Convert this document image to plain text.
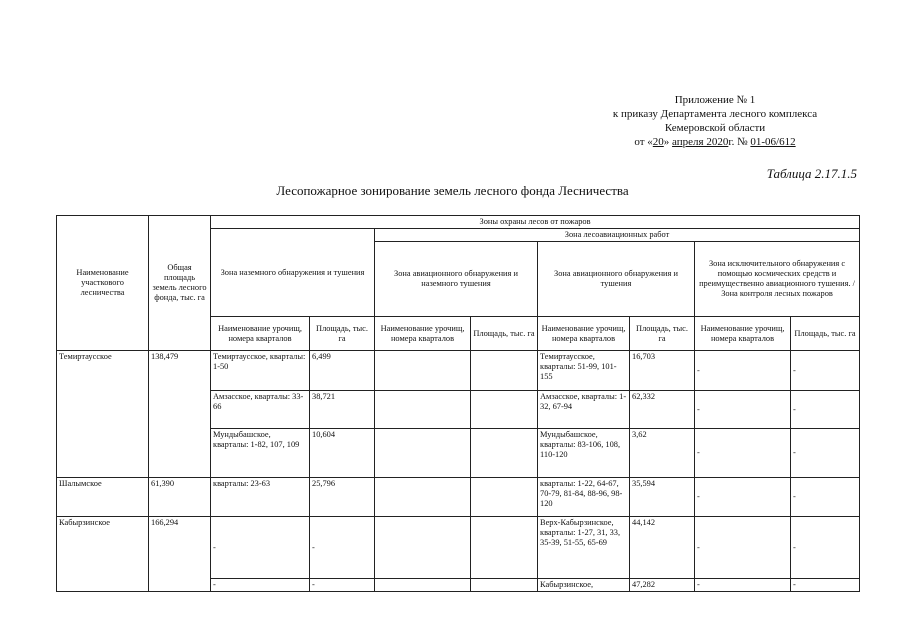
Приложение № 1
к приказу Департамента лесного комплекса
Кемеровской области
от «20» апреля 2020г. № 01-06/612
Таблица 2.17.1.5
Лесопожарное зонирование земель лесного фонда Лесничества
Наименование участкового лесничества	Общая площадь земель лесного фонда, тыс. га	Зоны охраны лесов от пожаров							
		Зона наземного обнаружения и тушения		Зона лесоавиационных работ					
				Зона авиационного обнаружения и наземного тушения		Зона авиационного обнаружения и тушения		Зона исключительного обнаружения с помощью космических средств и преимущественно авиационного тушения. / Зона контроля лесных пожаров	
		Наименование урочищ, номера кварталов	Площадь, тыс. га	Наименование урочищ, номера кварталов	Площадь, тыс. га	Наименование урочищ, номера кварталов	Площадь, тыс. га	Наименование урочищ, номера кварталов	Площадь, тыс. га
Темиртаусское	138,479	Темиртаусское, кварталы: 1-50	6,499			Темиртаусское, кварталы: 51-99, 101-155	16,703	-	-
		Амзасское, кварталы: 33-66	38,721			Амзасское, кварталы: 1-32, 67-94	62,332	-	-
		Мундыбашское, кварталы: 1-82, 107, 109	10,604			Мундыбашское, кварталы: 83-106, 108, 110-120	3,62	-	-
Шалымское	61,390	кварталы: 23-63	25,796			кварталы: 1-22, 64-67, 70-79, 81-84, 88-96, 98-120	35,594	-	-
Кабырзинское	166,294	-	-			Верх-Кабырзинское, кварталы: 1-27, 31, 33, 35-39, 51-55, 65-69	44,142	-	-
		-	-			Кабырзинское,	47,282	-	-
